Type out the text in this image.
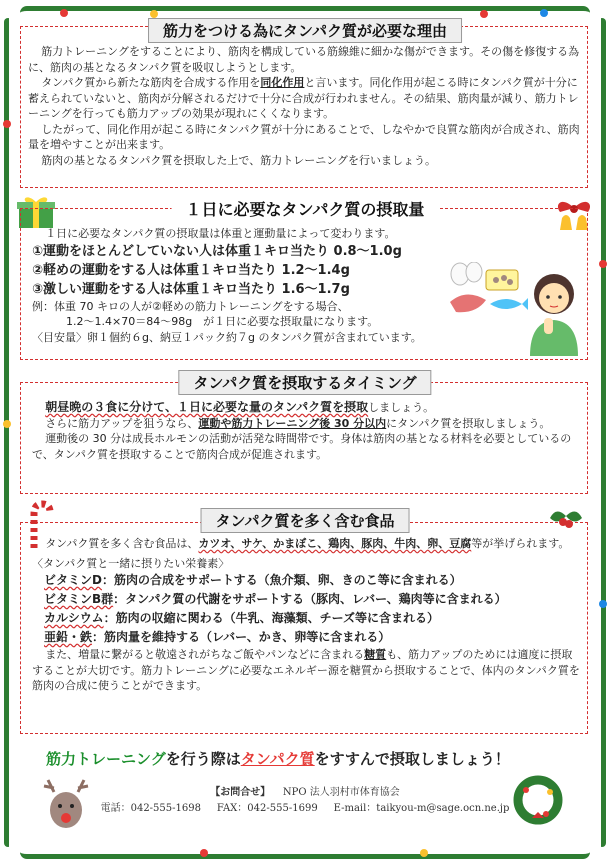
筋力をつける為にタンパク質が必要な理由

筋力トレーニングをすることにより、筋肉を構成している筋線維に細かな傷ができます。その傷を修復する為に、筋肉の基となるタンパク質を吸収しようとします。

タンパク質から新たな筋肉を合成する作用を同化作用と言います。同化作用が起こる時にタンパク質が十分に蓄えられていないと、筋肉が分解されるだけで十分に合成が行われません。その結果、筋肉量が減り、筋力トレーニングを行っても筋力アップの効果が現れにくくなります。

したがって、同化作用が起こる時にタンパク質が十分にあることで、しなやかで良質な筋肉が合成され、筋肉量を増やすことが出来ます。

筋肉の基となるタンパク質を摂取した上で、筋力トレーニングを行いましょう。

１日に必要なタンパク質の摂取量

１日に必要なタンパク質の摂取量は体重と運動量によって変わります。

①運動をほとんどしていない人は体重１キロ当たり 0.8～1.0g
②軽めの運動をする人は体重１キロ当たり 1.2～1.4g
③激しい運動をする人は体重１キロ当たり 1.6～1.7g

例：体重 70 キロの人が②軽めの筋力トレーニングをする場合、

1.2～1.4×70＝84～98g　が１日に必要な摂取量になります。

〈目安量〉卵１個約６g、納豆１パック約７g のタンパク質が含まれています。

タンパク質を摂取するタイミング

朝昼晩の３食に分けて、１日に必要な量のタンパク質を摂取しましょう。

さらに筋力アップを狙うなら、運動や筋力トレーニング後 30 分以内にタンパク質を摂取しましょう。

運動後の 30 分は成長ホルモンの活動が活発な時間帯です。身体は筋肉の基となる材料を必要としているので、タンパク質を摂取することで筋肉合成が促進されます。

タンパク質を多く含む食品

タンパク質を多く含む食品は、カツオ、サケ、かまぼこ、鶏肉、豚肉、牛肉、卵、豆腐等が挙げられます。

〈タンパク質と一緒に摂りたい栄養素〉

ビタミンD：筋肉の合成をサポートする（魚介類、卵、きのこ等に含まれる）
ビタミンB群：タンパク質の代謝をサポートする（豚肉、レバー、鶏肉等に含まれる）
カルシウム：筋肉の収縮に関わる（牛乳、海藻類、チーズ等に含まれる）
亜鉛・鉄：筋肉量を維持する（レバー、かき、卵等に含まれる）

また、増量に繋がると敬遠されがちなご飯やパンなどに含まれる糖質も、筋力アップのためには適度に摂取することが大切です。筋力トレーニングに必要なエネルギー源を糖質から摂取することで、体内のタンパク質を筋肉の合成に使うことができます。

筋力トレーニングを行う際はタンパク質をすすんで摂取しましょう！
【お問合せ】 NPO 法人羽村市体育協会
電話：042-555-1698 FAX：042-555-1699 E-mail：taikyou-m@sage.ocn.ne.jp
